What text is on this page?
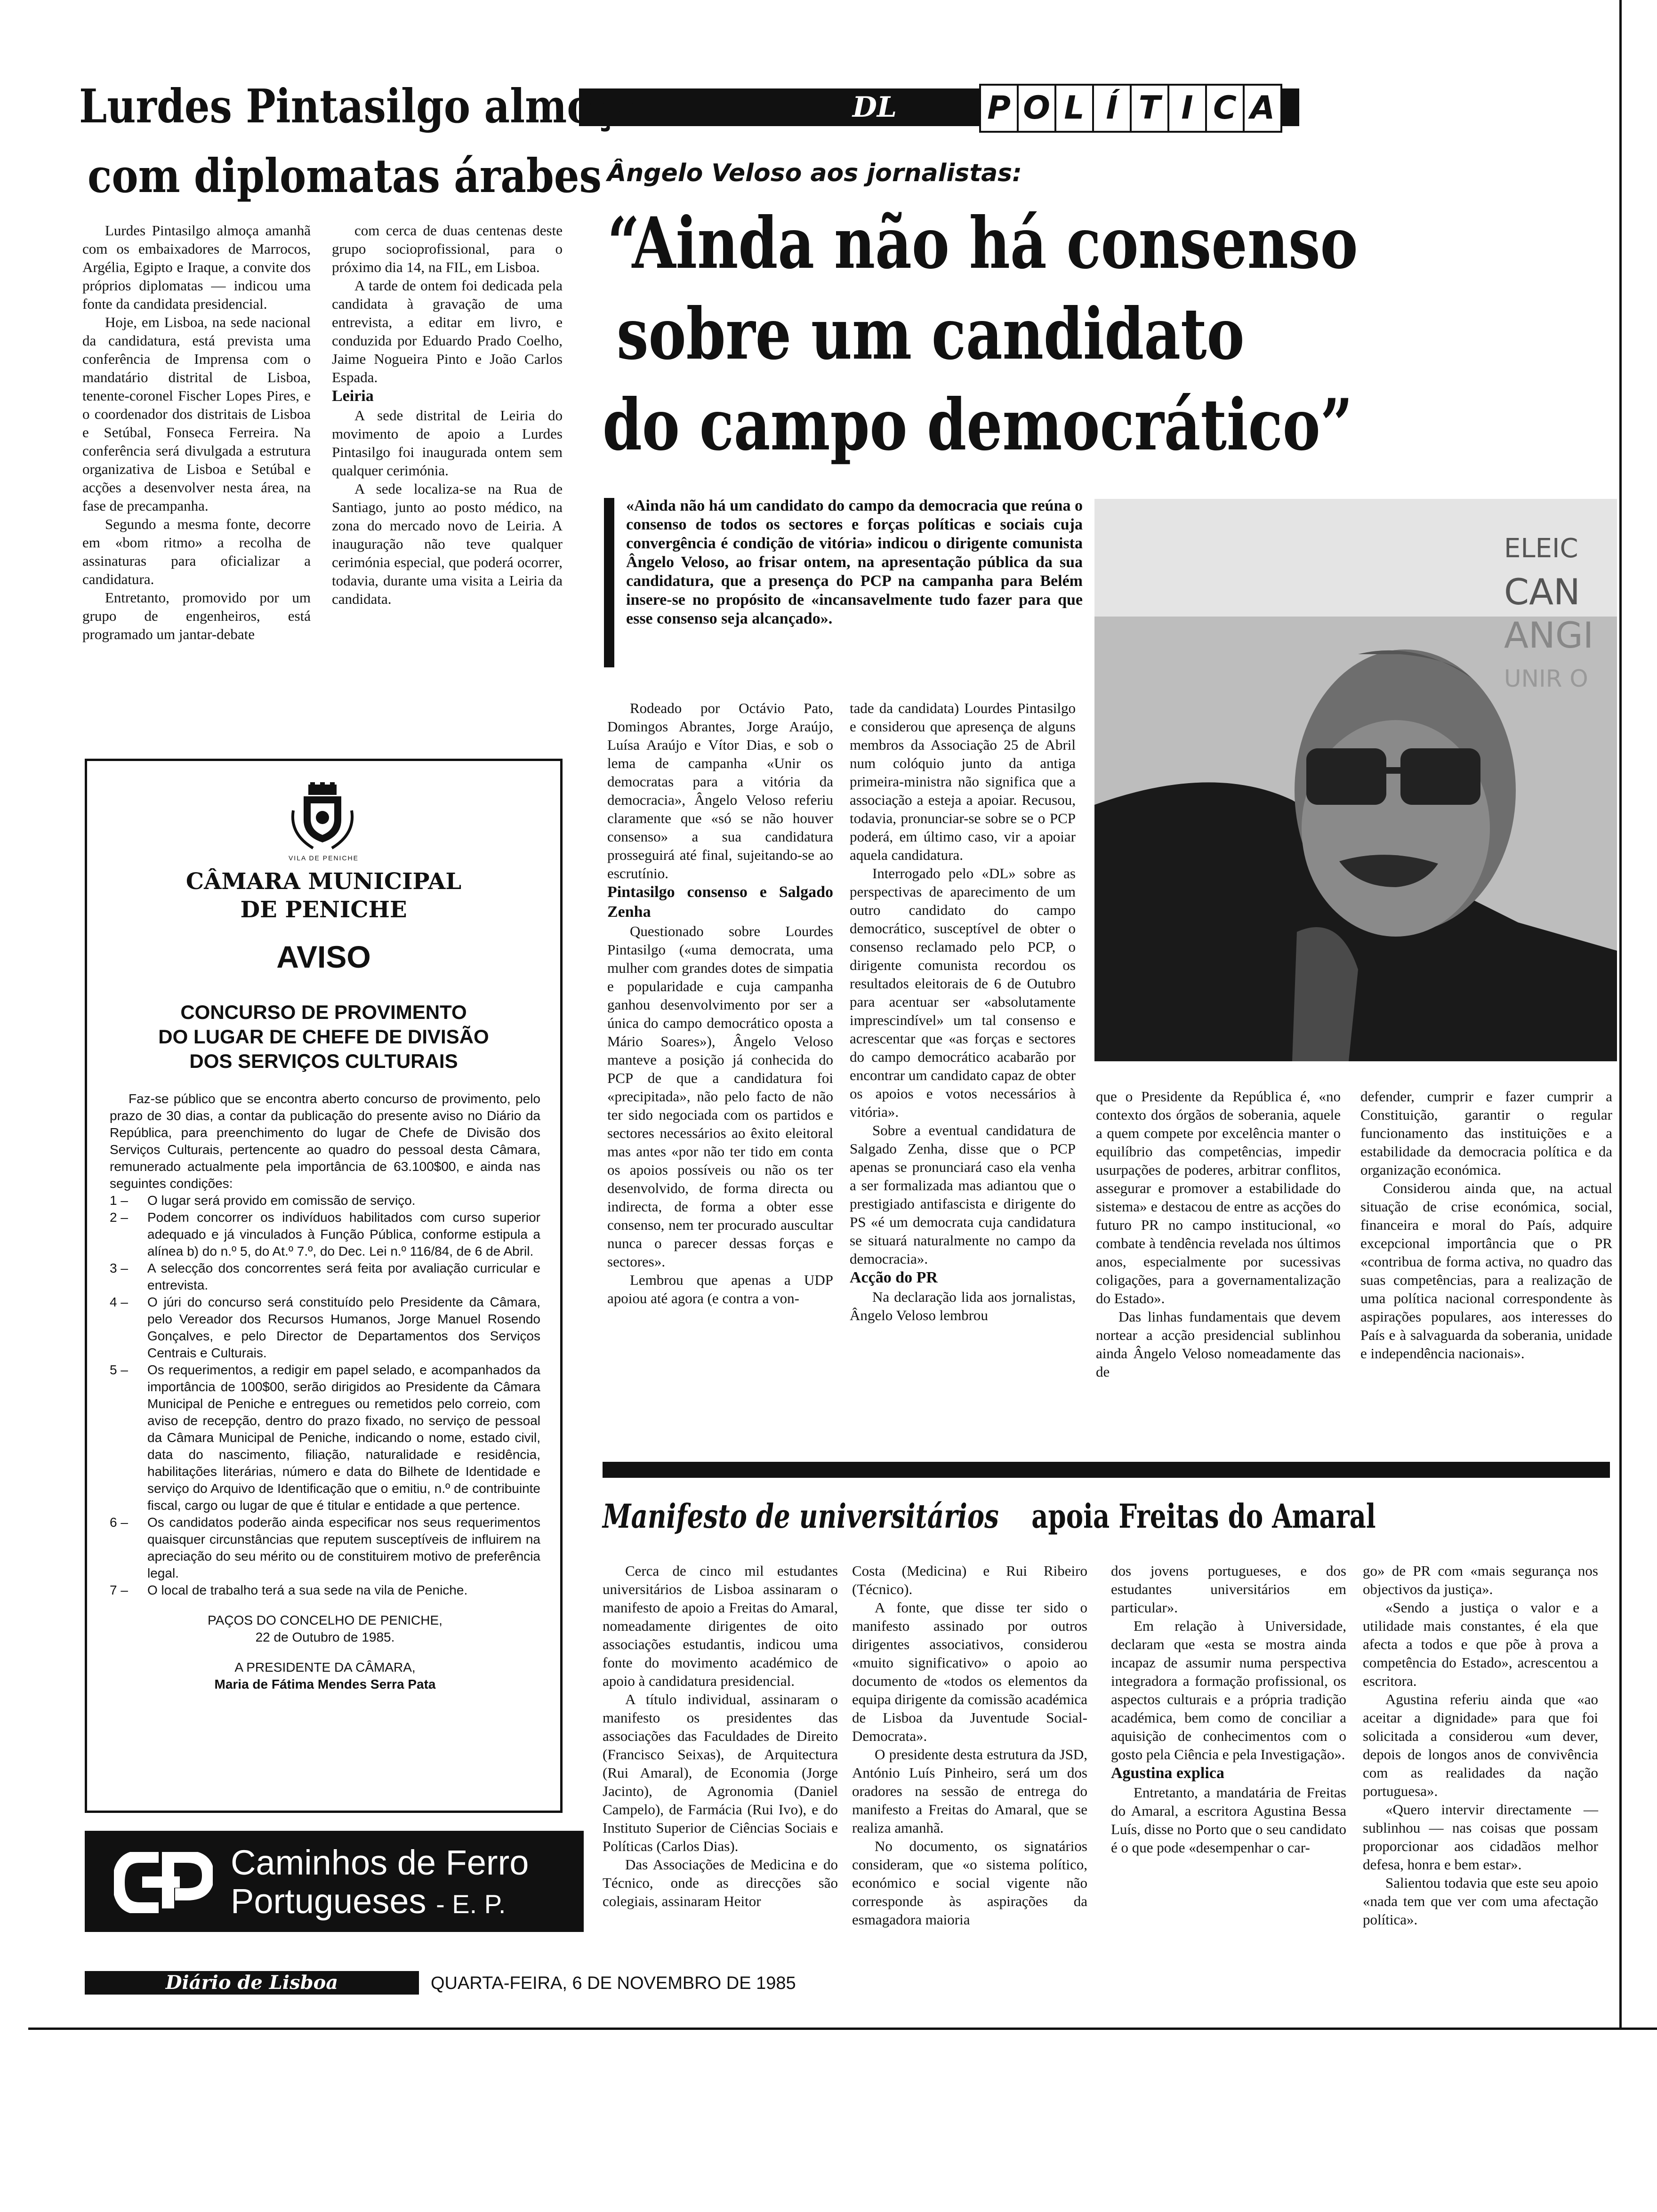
DL	P O L Í T I C A
Lurdes Pintasilgo almoça
com diplomatas árabes

Lurdes Pintasilgo almoça amanhã com os embaixadores de Marrocos, Argélia, Egipto e Iraque, a convite dos próprios diplomatas — indicou uma fonte da candidata presidencial.

Hoje, em Lisboa, na sede nacional da candidatura, está prevista uma conferência de Imprensa com o mandatário distrital de Lisboa, tenente-coronel Fischer Lopes Pires, e o coordenador dos distritais de Lisboa e Setúbal, Fonseca Ferreira. Na conferência será divulgada a estrutura organizativa de Lisboa e Setúbal e acções a desenvolver nesta área, na fase de precampanha.

Segundo a mesma fonte, decorre em «bom ritmo» a recolha de assinaturas para oficializar a candidatura.

Entretanto, promovido por um grupo de engenheiros, está programado um jantar-debate

com cerca de duas centenas deste grupo socioprofissional, para o próximo dia 14, na FIL, em Lisboa.

A tarde de ontem foi dedicada pela candidata à gravação de uma entrevista, a editar em livro, e conduzida por Eduardo Prado Coelho, Jaime Nogueira Pinto e João Carlos Espada.

Leiria

A sede distrital de Leiria do movimento de apoio a Lurdes Pintasilgo foi inaugurada ontem sem qualquer cerimónia.

A sede localiza-se na Rua de Santiago, junto ao posto médico, na zona do mercado novo de Leiria. A inauguração não teve qualquer cerimónia especial, que poderá ocorrer, todavia, durante uma visita a Leiria da candidata.

VILA DE PENICHE
CÂMARA MUNICIPAL
DE PENICHE
AVISO
CONCURSO DE PROVIMENTO
DO LUGAR DE CHEFE DE DIVISÃO
DOS SERVIÇOS CULTURAIS

Faz-se público que se encontra aberto concurso de provimento, pelo prazo de 30 dias, a contar da publicação do presente aviso no Diário da República, para preenchimento do lugar de Chefe de Divisão dos Serviços Culturais, pertencente ao quadro do pessoal desta Câmara, remunerado actualmente pela importância de 63.100$00, e ainda nas seguintes condições:

1 –	O lugar será provido em comissão de serviço.
2 –	Podem concorrer os indivíduos habilitados com curso superior adequado e já vinculados à Função Pública, conforme estipula a alínea b) do n.º 5, do At.º 7.º, do Dec. Lei n.º 116/84, de 6 de Abril.
3 –	A selecção dos concorrentes será feita por avaliação curricular e entrevista.
4 –	O júri do concurso será constituído pelo Presidente da Câmara, pelo Vereador dos Recursos Humanos, Jorge Manuel Rosendo Gonçalves, e pelo Director de Departamentos dos Serviços Centrais e Culturais.
5 –	Os requerimentos, a redigir em papel selado, e acompanhados da importância de 100$00, serão dirigidos ao Presidente da Câmara Municipal de Peniche e entregues ou remetidos pelo correio, com aviso de recepção, dentro do prazo fixado, no serviço de pessoal da Câmara Municipal de Peniche, indicando o nome, estado civil, data do nascimento, filiação, naturalidade e residência, habilitações literárias, número e data do Bilhete de Identidade e serviço do Arquivo de Identificação que o emitiu, n.º de contribuinte fiscal, cargo ou lugar de que é titular e entidade a que pertence.
6 –	Os candidatos poderão ainda especificar nos seus requerimentos quaisquer circunstâncias que reputem susceptíveis de influirem na apreciação do seu mérito ou de constituirem motivo de preferência legal.
7 –	O local de trabalho terá a sua sede na vila de Peniche.

PAÇOS DO CONCELHO DE PENICHE,

22 de Outubro de 1985.

A PRESIDENTE DA CÂMARA,

Maria de Fátima Mendes Serra Pata

Caminhos de Ferro
Portugueses - E. P.
Diário de Lisboa	QUARTA-FEIRA, 6 DE NOVEMBRO DE 1985
Ângelo Veloso aos jornalistas:
“Ainda não há consenso
sobre um candidato
do campo democrático”
«Ainda não há um candidato do campo da democracia que reúna o consenso de todos os sectores e forças políticas e sociais cuja convergência é condição de vitória» indicou o dirigente comunista Ângelo Veloso, ao frisar ontem, na apresentação pública da sua candidatura, que a presença do PCP na campanha para Belém insere-se no propósito de «incansavelmente tudo fazer para que esse consenso seja alcançado».
ELEIC
CAN
ANGI
UNIR O

Rodeado por Octávio Pato, Domingos Abrantes, Jorge Araújo, Luísa Araújo e Vítor Dias, e sob o lema de campanha «Unir os democratas para a vitória da democracia», Ângelo Veloso referiu claramente que «só se não houver consenso» a sua candidatura prosseguirá até final, sujeitando-se ao escrutínio.

Pintasilgo consenso e Salgado Zenha

Questionado sobre Lourdes Pintasilgo («uma democrata, uma mulher com grandes dotes de simpatia e popularidade e cuja campanha ganhou desenvolvimento por ser a única do campo democrático oposta a Mário Soares»), Ângelo Veloso manteve a posição já conhecida do PCP de que a candidatura foi «precipitada», não pelo facto de não ter sido negociada com os partidos e sectores necessários ao êxito eleitoral mas antes «por não ter tido em conta os apoios possíveis ou não os ter desenvolvido, de forma directa ou indirecta, de forma a obter esse consenso, nem ter procurado auscultar nunca o parecer dessas forças e sectores».

Lembrou que apenas a UDP apoiou até agora (e contra a von-

tade da candidata) Lourdes Pintasilgo e considerou que apresença de alguns membros da Associação 25 de Abril num colóquio junto da antiga primeira-ministra não significa que a associação a esteja a apoiar. Recusou, todavia, pronunciar-se sobre se o PCP poderá, em último caso, vir a apoiar aquela candidatura.

Interrogado pelo «DL» sobre as perspectivas de aparecimento de um outro candidato do campo democrático, susceptível de obter o consenso reclamado pelo PCP, o dirigente comunista recordou os resultados eleitorais de 6 de Outubro para acentuar ser «absolutamente imprescindível» um tal consenso e acrescentar que «as forças e sectores do campo democrático acabarão por encontrar um candidato capaz de obter os apoios e votos necessários à vitória».

Sobre a eventual candidatura de Salgado Zenha, disse que o PCP apenas se pronunciará caso ela venha a ser formalizada mas adiantou que o prestigiado antifascista e dirigente do PS «é um democrata cuja candidatura se situará naturalmente no campo da democracia».

Acção do PR

Na declaração lida aos jornalistas, Ângelo Veloso lembrou

que o Presidente da República é, «no contexto dos órgãos de soberania, aquele a quem compete por excelência manter o equilíbrio das competências, impedir usurpações de poderes, arbitrar conflitos, assegurar e promover a estabilidade do sistema» e destacou de entre as acções do futuro PR no campo institucional, «o combate à tendência revelada nos últimos anos, especialmente por sucessivas coligações, para a governamentalização do Estado».

Das linhas fundamentais que devem nortear a acção presidencial sublinhou ainda Ângelo Veloso nomeadamente das de

defender, cumprir e fazer cumprir a Constituição, garantir o regular funcionamento das instituições e a estabilidade da democracia política e da organização económica.

Considerou ainda que, na actual situação de crise económica, social, financeira e moral do País, adquire excepcional importância que o PR «contribua de forma activa, no quadro das suas competências, para a realização de uma política nacional correspondente às aspirações populares, aos interesses do País e à salvaguarda da soberania, unidade e independência nacionais».

Manifesto de universitários apoia Freitas do Amaral

Cerca de cinco mil estudantes universitários de Lisboa assinaram o manifesto de apoio a Freitas do Amaral, nomeadamente dirigentes de oito associações estudantis, indicou uma fonte do movimento académico de apoio à candidatura presidencial.

A título individual, assinaram o manifesto os presidentes das associações das Faculdades de Direito (Francisco Seixas), de Arquitectura (Rui Amaral), de Economia (Jorge Jacinto), de Agronomia (Daniel Campelo), de Farmácia (Rui Ivo), e do Instituto Superior de Ciências Sociais e Políticas (Carlos Dias).

Das Associações de Medicina e do Técnico, onde as direcções são colegiais, assinaram Heitor

Costa (Medicina) e Rui Ribeiro (Técnico).

A fonte, que disse ter sido o manifesto assinado por outros dirigentes associativos, considerou «muito significativo» o apoio ao documento de «todos os elementos da equipa dirigente da comissão académica de Lisboa da Juventude Social-Democrata».

O presidente desta estrutura da JSD, António Luís Pinheiro, será um dos oradores na sessão de entrega do manifesto a Freitas do Amaral, que se realiza amanhã.

No documento, os signatários consideram, que «o sistema político, económico e social vigente não corresponde às aspirações da esmagadora maioria

dos jovens portugueses, e dos estudantes universitários em particular».

Em relação à Universidade, declaram que «esta se mostra ainda incapaz de assumir numa perspectiva integradora a formação profissional, os aspectos culturais e a própria tradição académica, bem como de conciliar a aquisição de conhecimentos com o gosto pela Ciência e pela Investigação».

Agustina explica

Entretanto, a mandatária de Freitas do Amaral, a escritora Agustina Bessa Luís, disse no Porto que o seu candidato é o que pode «desempenhar o car-

go» de PR com «mais segurança nos objectivos da justiça».

«Sendo a justiça o valor e a utilidade mais constantes, é ela que afecta a todos e que põe à prova a competência do Estado», acrescentou a escritora.

Agustina referiu ainda que «ao aceitar a dignidade» para que foi solicitada a considerou «um dever, depois de longos anos de convivência com as realidades da nação portuguesa».

«Quero intervir directamente — sublinhou — nas coisas que possam proporcionar aos cidadãos melhor defesa, honra e bem estar».

Salientou todavia que este seu apoio «nada tem que ver com uma afectação política».
